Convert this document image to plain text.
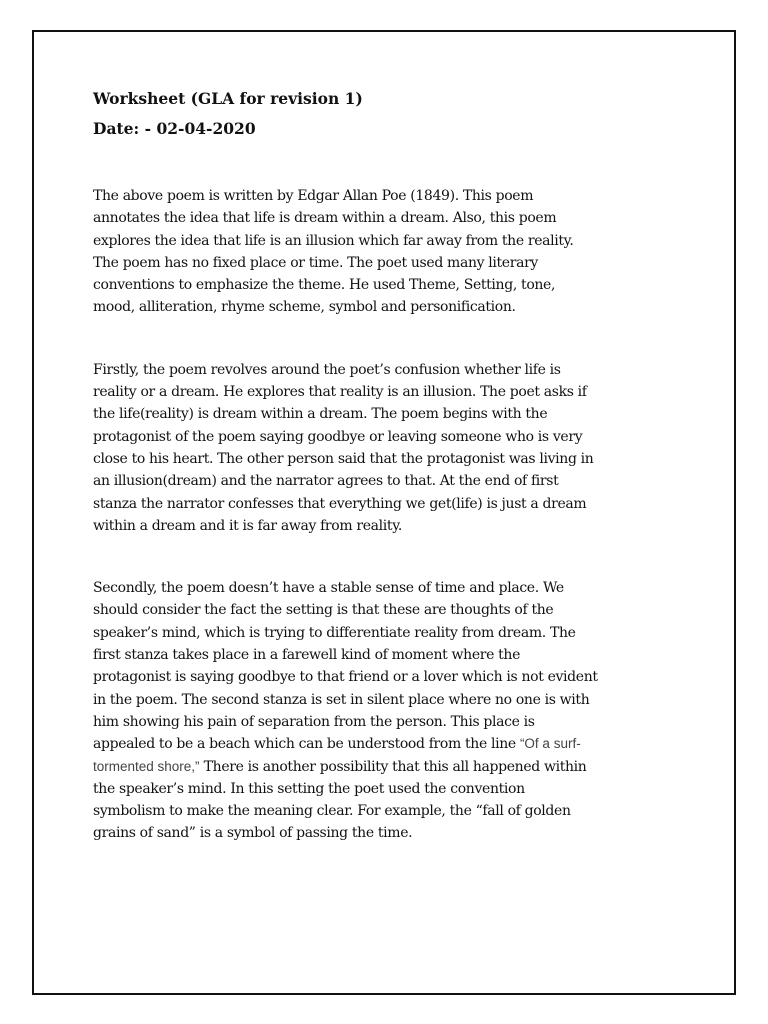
Worksheet (GLA for revision 1)
Date: - 02-04-2020
The above poem is written by Edgar Allan Poe (1849). This poem
annotates the idea that life is dream within a dream. Also, this poem
explores the idea that life is an illusion which far away from the reality.
The poem has no fixed place or time. The poet used many literary
conventions to emphasize the theme. He used Theme, Setting, tone,
mood, alliteration, rhyme scheme, symbol and personification.
Firstly, the poem revolves around the poet’s confusion whether life is
reality or a dream. He explores that reality is an illusion. The poet asks if
the life(reality) is dream within a dream. The poem begins with the
protagonist of the poem saying goodbye or leaving someone who is very
close to his heart. The other person said that the protagonist was living in
an illusion(dream) and the narrator agrees to that. At the end of first
stanza the narrator confesses that everything we get(life) is just a dream
within a dream and it is far away from reality.
Secondly, the poem doesn’t have a stable sense of time and place. We
should consider the fact the setting is that these are thoughts of the
speaker’s mind, which is trying to differentiate reality from dream. The
first stanza takes place in a farewell kind of moment where the
protagonist is saying goodbye to that friend or a lover which is not evident
in the poem. The second stanza is set in silent place where no one is with
him showing his pain of separation from the person. This place is
appealed to be a beach which can be understood from the line “Of a surf-
tormented shore,” There is another possibility that this all happened within
the speaker’s mind. In this setting the poet used the convention
symbolism to make the meaning clear. For example, the “fall of golden
grains of sand” is a symbol of passing the time.
